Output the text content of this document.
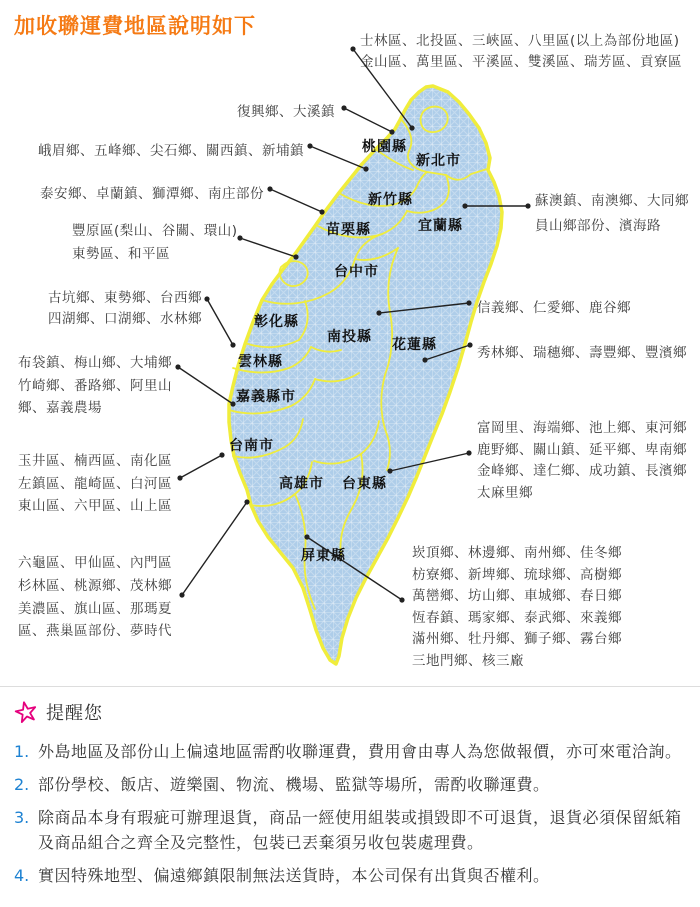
加收聯運費地區說明如下
桃園縣
新北市
新竹縣
宜蘭縣
苗栗縣
台中市
彰化縣
南投縣 花蓮縣
雲林縣
嘉義縣市
台南市
高雄市 台東縣
屏東縣
士林區、北投區、三峽區、八里區(以上為部份地區)
金山區、萬里區、平溪區、雙溪區、瑞芳區、貢寮區
復興鄉、大溪鎮
峨眉鄉、五峰鄉、尖石鄉、關西鎮、新埔鎮
泰安鄉、卓蘭鎮、獅潭鄉、南庄部份
豐原區(梨山、谷關、環山)
東勢區、和平區
古坑鄉、東勢鄉、台西鄉
四湖鄉、口湖鄉、水林鄉
布袋鎮、梅山鄉、大埔鄉
竹崎鄉、番路鄉、阿里山
鄉、嘉義農場
玉井區、楠西區、南化區
左鎮區、龍崎區、白河區
東山區、六甲區、山上區
六龜區、甲仙區、內門區
杉林區、桃源鄉、茂林鄉
美濃區、旗山區、那瑪夏
區、燕巢區部份、夢時代
蘇澳鎮、南澳鄉、大同鄉
員山鄉部份、濱海路
信義鄉、仁愛鄉、鹿谷鄉
秀林鄉、瑞穗鄉、壽豐鄉、豐濱鄉
富岡里、海端鄉、池上鄉、東河鄉
鹿野鄉、關山鎮、延平鄉、卑南鄉
金峰鄉、達仁鄉、成功鎮、長濱鄉
太麻里鄉
崁頂鄉、林邊鄉、南州鄉、佳冬鄉
枋寮鄉、新埤鄉、琉球鄉、高樹鄉
萬巒鄉、坊山鄉、車城鄉、春日鄉
恆春鎮、瑪家鄉、泰武鄉、來義鄉
滿州鄉、牡丹鄉、獅子鄉、霧台鄉
三地門鄉、核三廠
提醒您
1. 外島地區及部份山上偏遠地區需酌收聯運費，費用會由專人為您做報價，亦可來電洽詢。
2. 部份學校、飯店、遊樂園、物流、機場、監獄等場所，需酌收聯運費。
3. 除商品本身有瑕疵可辦理退貨，商品一經使用組裝或損毀即不可退貨，退貨必須保留紙箱及商品組合之齊全及完整性，包裝已丟棄須另收包裝處理費。
4. 實因特殊地型、偏遠鄉鎮限制無法送貨時，本公司保有出貨與否權利。
